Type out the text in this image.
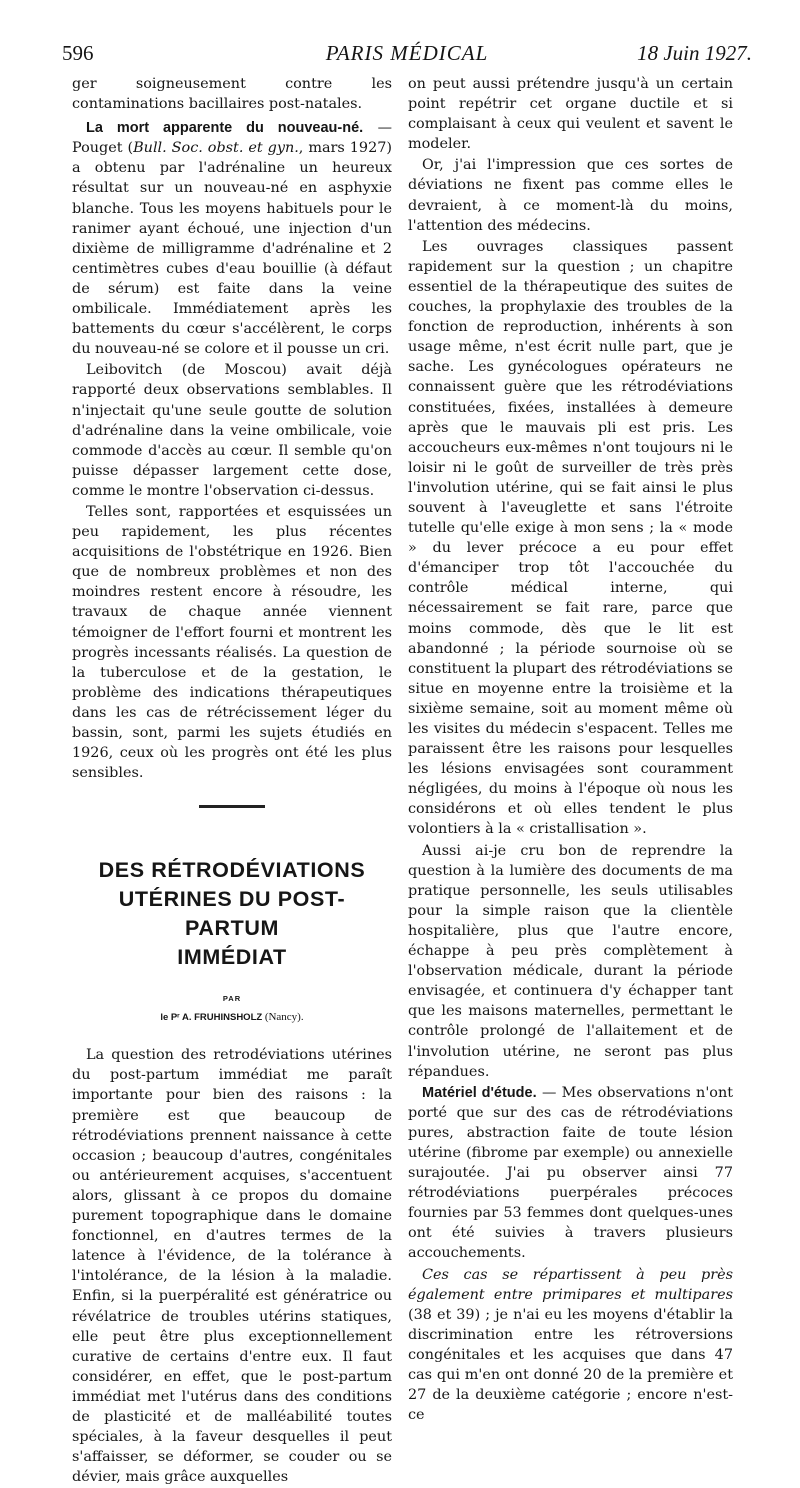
596	PARIS MÉDICAL	18 Juin 1927.

ger soigneusement contre les contaminations bacillaires post-natales.

La mort apparente du nouveau-né. — Pouget (Bull. Soc. obst. et gyn., mars 1927) a obtenu par l'adrénaline un heureux résultat sur un nouveau-né en asphyxie blanche. Tous les moyens habituels pour le ranimer ayant échoué, une injection d'un dixième de milligramme d'adrénaline et 2 centimètres cubes d'eau bouillie (à défaut de sérum) est faite dans la veine ombilicale. Immédiatement après les battements du cœur s'accélèrent, le corps du nouveau-né se colore et il pousse un cri.

Leibovitch (de Moscou) avait déjà rapporté deux observations semblables. Il n'injectait qu'une seule goutte de solution d'adrénaline dans la veine ombilicale, voie commode d'accès au cœur. Il semble qu'on puisse dépasser largement cette dose, comme le montre l'observation ci-dessus.

Telles sont, rapportées et esquissées un peu rapidement, les plus récentes acquisitions de l'obstétrique en 1926. Bien que de nombreux problèmes et non des moindres restent encore à résoudre, les travaux de chaque année viennent témoigner de l'effort fourni et montrent les progrès incessants réalisés. La question de la tuberculose et de la gestation, le problème des indications thérapeutiques dans les cas de rétrécissement léger du bassin, sont, parmi les sujets étudiés en 1926, ceux où les progrès ont été les plus sensibles.

DES RÉTRODÉVIATIONS

UTÉRINES DU POST-PARTUM

IMMÉDIAT

PAR

le Pʳ A. FRUHINSHOLZ (Nancy).

La question des retrodéviations utérines du post-partum immédiat me paraît importante pour bien des raisons : la première est que beaucoup de rétrodéviations prennent naissance à cette occasion ; beaucoup d'autres, congénitales ou antérieurement acquises, s'accentuent alors, glissant à ce propos du domaine purement topographique dans le domaine fonctionnel, en d'autres termes de la latence à l'évidence, de la tolérance à l'intolérance, de la lésion à la maladie. Enfin, si la puerpéralité est génératrice ou révélatrice de troubles utérins statiques, elle peut être plus exceptionnellement curative de certains d'entre eux. Il faut considérer, en effet, que le post-partum immédiat met l'utérus dans des conditions de plasticité et de malléabilité toutes spéciales, à la faveur desquelles il peut s'affaisser, se déformer, se couder ou se dévier, mais grâce auxquelles

on peut aussi prétendre jusqu'à un certain point repétrir cet organe ductile et si complaisant à ceux qui veulent et savent le modeler.

Or, j'ai l'impression que ces sortes de déviations ne fixent pas comme elles le devraient, à ce moment-là du moins, l'attention des médecins.

Les ouvrages classiques passent rapidement sur la question ; un chapitre essentiel de la thérapeutique des suites de couches, la prophylaxie des troubles de la fonction de reproduction, inhérents à son usage même, n'est écrit nulle part, que je sache. Les gynécologues opérateurs ne connaissent guère que les rétrodéviations constituées, fixées, installées à demeure après que le mauvais pli est pris. Les accoucheurs eux-mêmes n'ont toujours ni le loisir ni le goût de surveiller de très près l'involution utérine, qui se fait ainsi le plus souvent à l'aveuglette et sans l'étroite tutelle qu'elle exige à mon sens ; la « mode » du lever précoce a eu pour effet d'émanciper trop tôt l'accouchée du contrôle médical interne, qui nécessairement se fait rare, parce que moins commode, dès que le lit est abandonné ; la période sournoise où se constituent la plupart des rétrodéviations se situe en moyenne entre la troisième et la sixième semaine, soit au moment même où les visites du médecin s'espacent. Telles me paraissent être les raisons pour lesquelles les lésions envisagées sont couramment négligées, du moins à l'époque où nous les considérons et où elles tendent le plus volontiers à la « cristallisation ».

Aussi ai-je cru bon de reprendre la question à la lumière des documents de ma pratique personnelle, les seuls utilisables pour la simple raison que la clientèle hospitalière, plus que l'autre encore, échappe à peu près complètement à l'observation médicale, durant la période envisagée, et continuera d'y échapper tant que les maisons maternelles, permettant le contrôle prolongé de l'allaitement et de l'involution utérine, ne seront pas plus répandues.

Matériel d'étude. — Mes observations n'ont porté que sur des cas de rétrodéviations pures, abstraction faite de toute lésion utérine (fibrome par exemple) ou annexielle surajoutée. J'ai pu observer ainsi 77 rétrodéviations puerpérales précoces fournies par 53 femmes dont quelques-unes ont été suivies à travers plusieurs accouchements.

Ces cas se répartissent à peu près également entre primipares et multipares (38 et 39) ; je n'ai eu les moyens d'établir la discrimination entre les rétroversions congénitales et les acquises que dans 47 cas qui m'en ont donné 20 de la première et 27 de la deuxième catégorie ; encore n'est-ce
